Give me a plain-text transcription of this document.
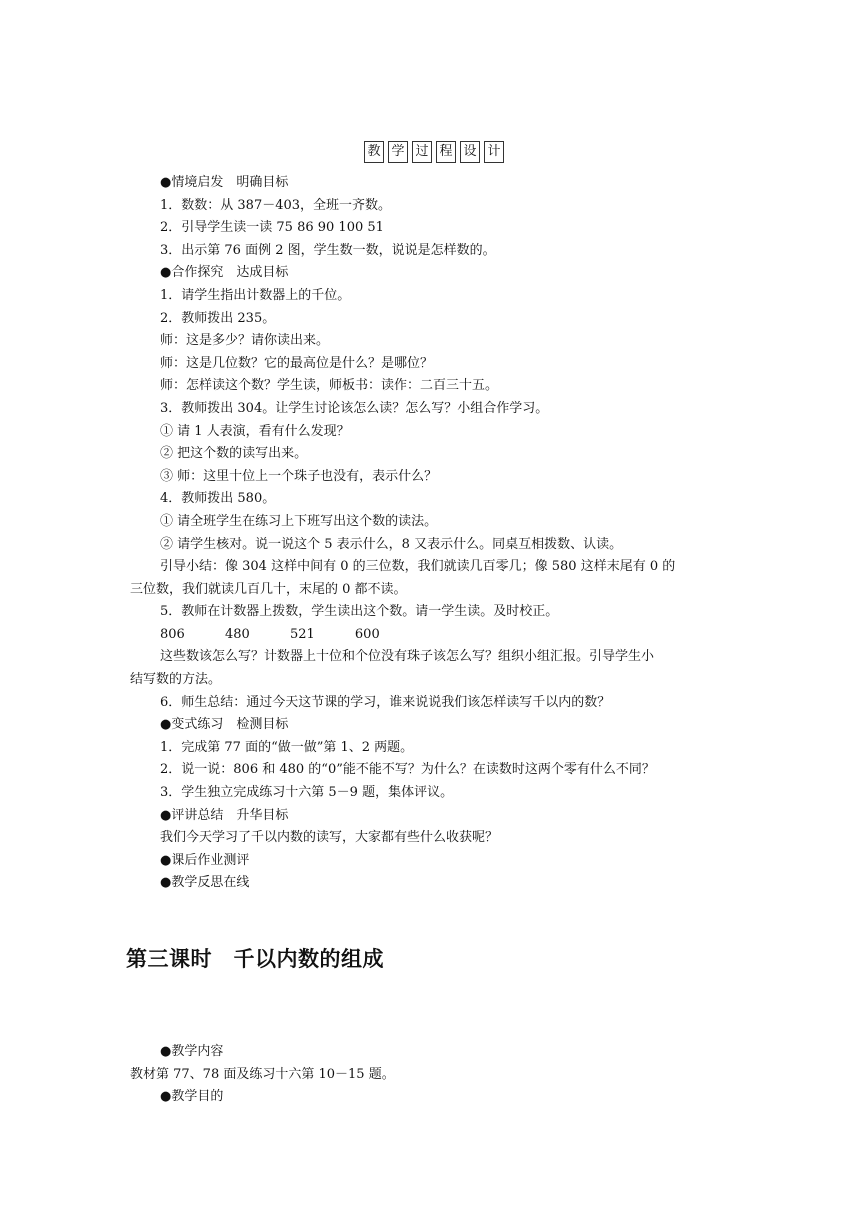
教 学 过 程 设 计
●情境启发　明确目标
1．数数：从 387－403，全班一齐数。
2．引导学生读一读 75 86 90 100 51
3．出示第 76 面例 2 图，学生数一数，说说是怎样数的。
●合作探究　达成目标
1．请学生指出计数器上的千位。
2．教师拨出 235。
师：这是多少？请你读出来。
师：这是几位数？它的最高位是什么？是哪位？
师：怎样读这个数？学生读，师板书：读作：二百三十五。
3．教师拨出 304。让学生讨论该怎么读？怎么写？小组合作学习。
① 请 1 人表演，看有什么发现？
② 把这个数的读写出来。
③ 师：这里十位上一个珠子也没有，表示什么？
4．教师拨出 580。
① 请全班学生在练习上下班写出这个数的读法。
② 请学生核对。说一说这个 5 表示什么，8 又表示什么。同桌互相拨数、认读。
引导小结：像 304 这样中间有 0 的三位数，我们就读几百零几；像 580 这样末尾有 0 的
三位数，我们就读几百几十，末尾的 0 都不读。
5．教师在计数器上拨数，学生读出这个数。请一学生读。及时校正。
806	480	521	600
这些数该怎么写？计数器上十位和个位没有珠子该怎么写？组织小组汇报。引导学生小
结写数的方法。
6．师生总结：通过今天这节课的学习，谁来说说我们该怎样读写千以内的数？
●变式练习　检测目标
1．完成第 77 面的“做一做”第 1、2 两题。
2．说一说：806 和 480 的“0”能不能不写？为什么？在读数时这两个零有什么不同？
3．学生独立完成练习十六第 5－9 题，集体评议。
●评讲总结　升华目标
我们今天学习了千以内数的读写，大家都有些什么收获呢？
●课后作业测评
●教学反思在线
第三课时　千以内数的组成
●教学内容
教材第 77、78 面及练习十六第 10－15 题。
●教学目的
